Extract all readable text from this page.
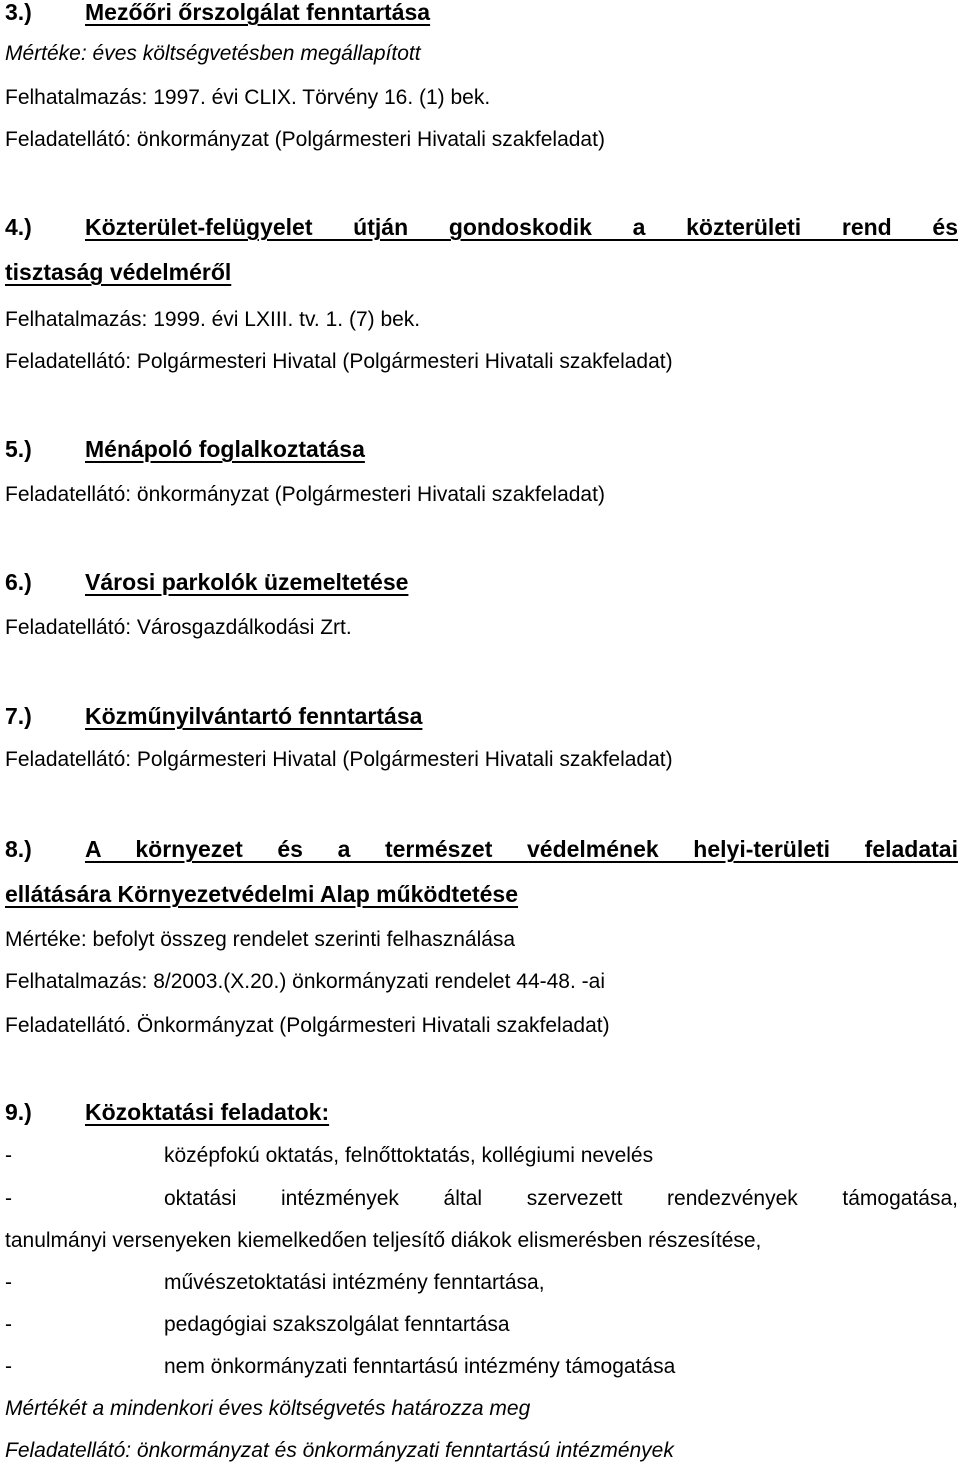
3.) Mezőőri őrszolgálat fenntartása
Mértéke: éves költségvetésben megállapított
Felhatalmazás: 1997. évi CLIX. Törvény 16. (1) bek.
Feladatellátó: önkormányzat (Polgármesteri Hivatali szakfeladat)
4.) Közterület-felügyelet útján gondoskodik a közterületi rend és
tisztaság védelméről
Felhatalmazás: 1999. évi LXIII. tv. 1. (7) bek.
Feladatellátó: Polgármesteri Hivatal (Polgármesteri Hivatali szakfeladat)
5.) Ménápoló foglalkoztatása
Feladatellátó: önkormányzat (Polgármesteri Hivatali szakfeladat)
6.) Városi parkolók üzemeltetése
Feladatellátó: Városgazdálkodási Zrt.
7.) Közműnyilvántartó fenntartása
Feladatellátó: Polgármesteri Hivatal (Polgármesteri Hivatali szakfeladat)
8.) A környezet és a természet védelmének helyi-területi feladatai
ellátására Környezetvédelmi Alap működtetése
Mértéke: befolyt összeg rendelet szerinti felhasználása
Felhatalmazás: 8/2003.(X.20.) önkormányzati rendelet 44-48. -ai
Feladatellátó. Önkormányzat (Polgármesteri Hivatali szakfeladat)
9.) Közoktatási feladatok:
-	középfokú oktatás, felnőttoktatás, kollégiumi nevelés
-	oktatási intézmények által szervezett rendezvények támogatása,
tanulmányi versenyeken kiemelkedően teljesítő diákok elismerésben részesítése,
-	művészetoktatási intézmény fenntartása,
-	pedagógiai szakszolgálat fenntartása
-	nem önkormányzati fenntartású intézmény támogatása
Mértékét a mindenkori éves költségvetés határozza meg
Feladatellátó: önkormányzat és önkormányzati fenntartású intézmények
